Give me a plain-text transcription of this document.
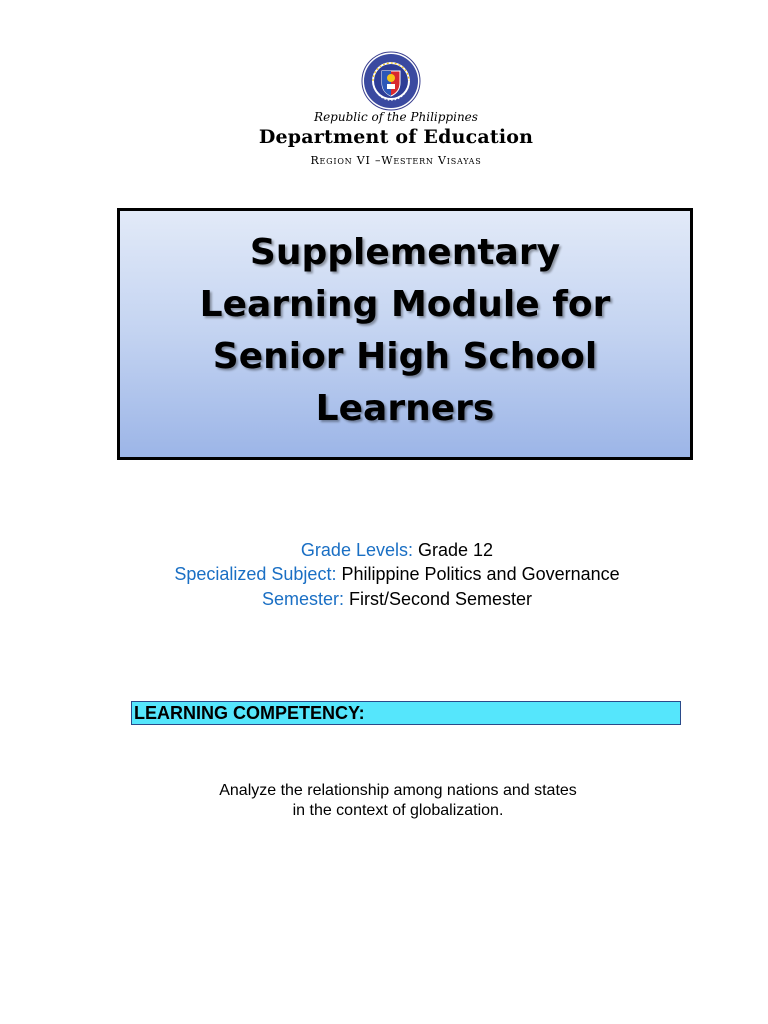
Republic of the Philippines
Department of Education
Region VI –Western Visayas
Supplementary
Learning Module for
Senior High School
Learners
Grade Levels: Grade 12
Specialized Subject: Philippine Politics and Governance
Semester: First/Second Semester
LEARNING COMPETENCY:
Analyze the relationship among nations and states
in the context of globalization.
